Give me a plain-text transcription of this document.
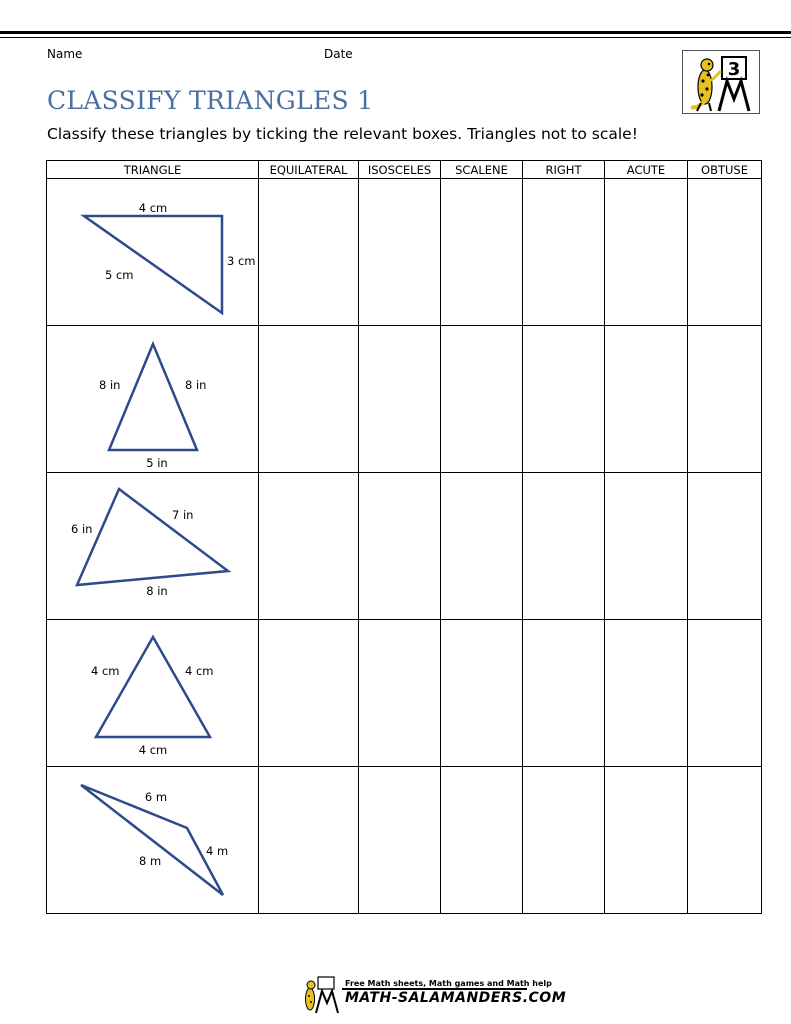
Name	Date
3
CLASSIFY TRIANGLES 1
Classify these triangles by ticking the relevant boxes. Triangles not to scale!
TRIANGLE	EQUILATERAL	ISOSCELES	SCALENE	RIGHT	ACUTE	OBTUSE

4 cm
3 cm
5 cm						

8 in 8 in
5 in						

7 in
6 in
8 in						

4 cm 4 cm
4 cm						

6 m
4 m
8 m						

Free Math sheets, Math games and Math help
MATH-SALAMANDERS.COM
